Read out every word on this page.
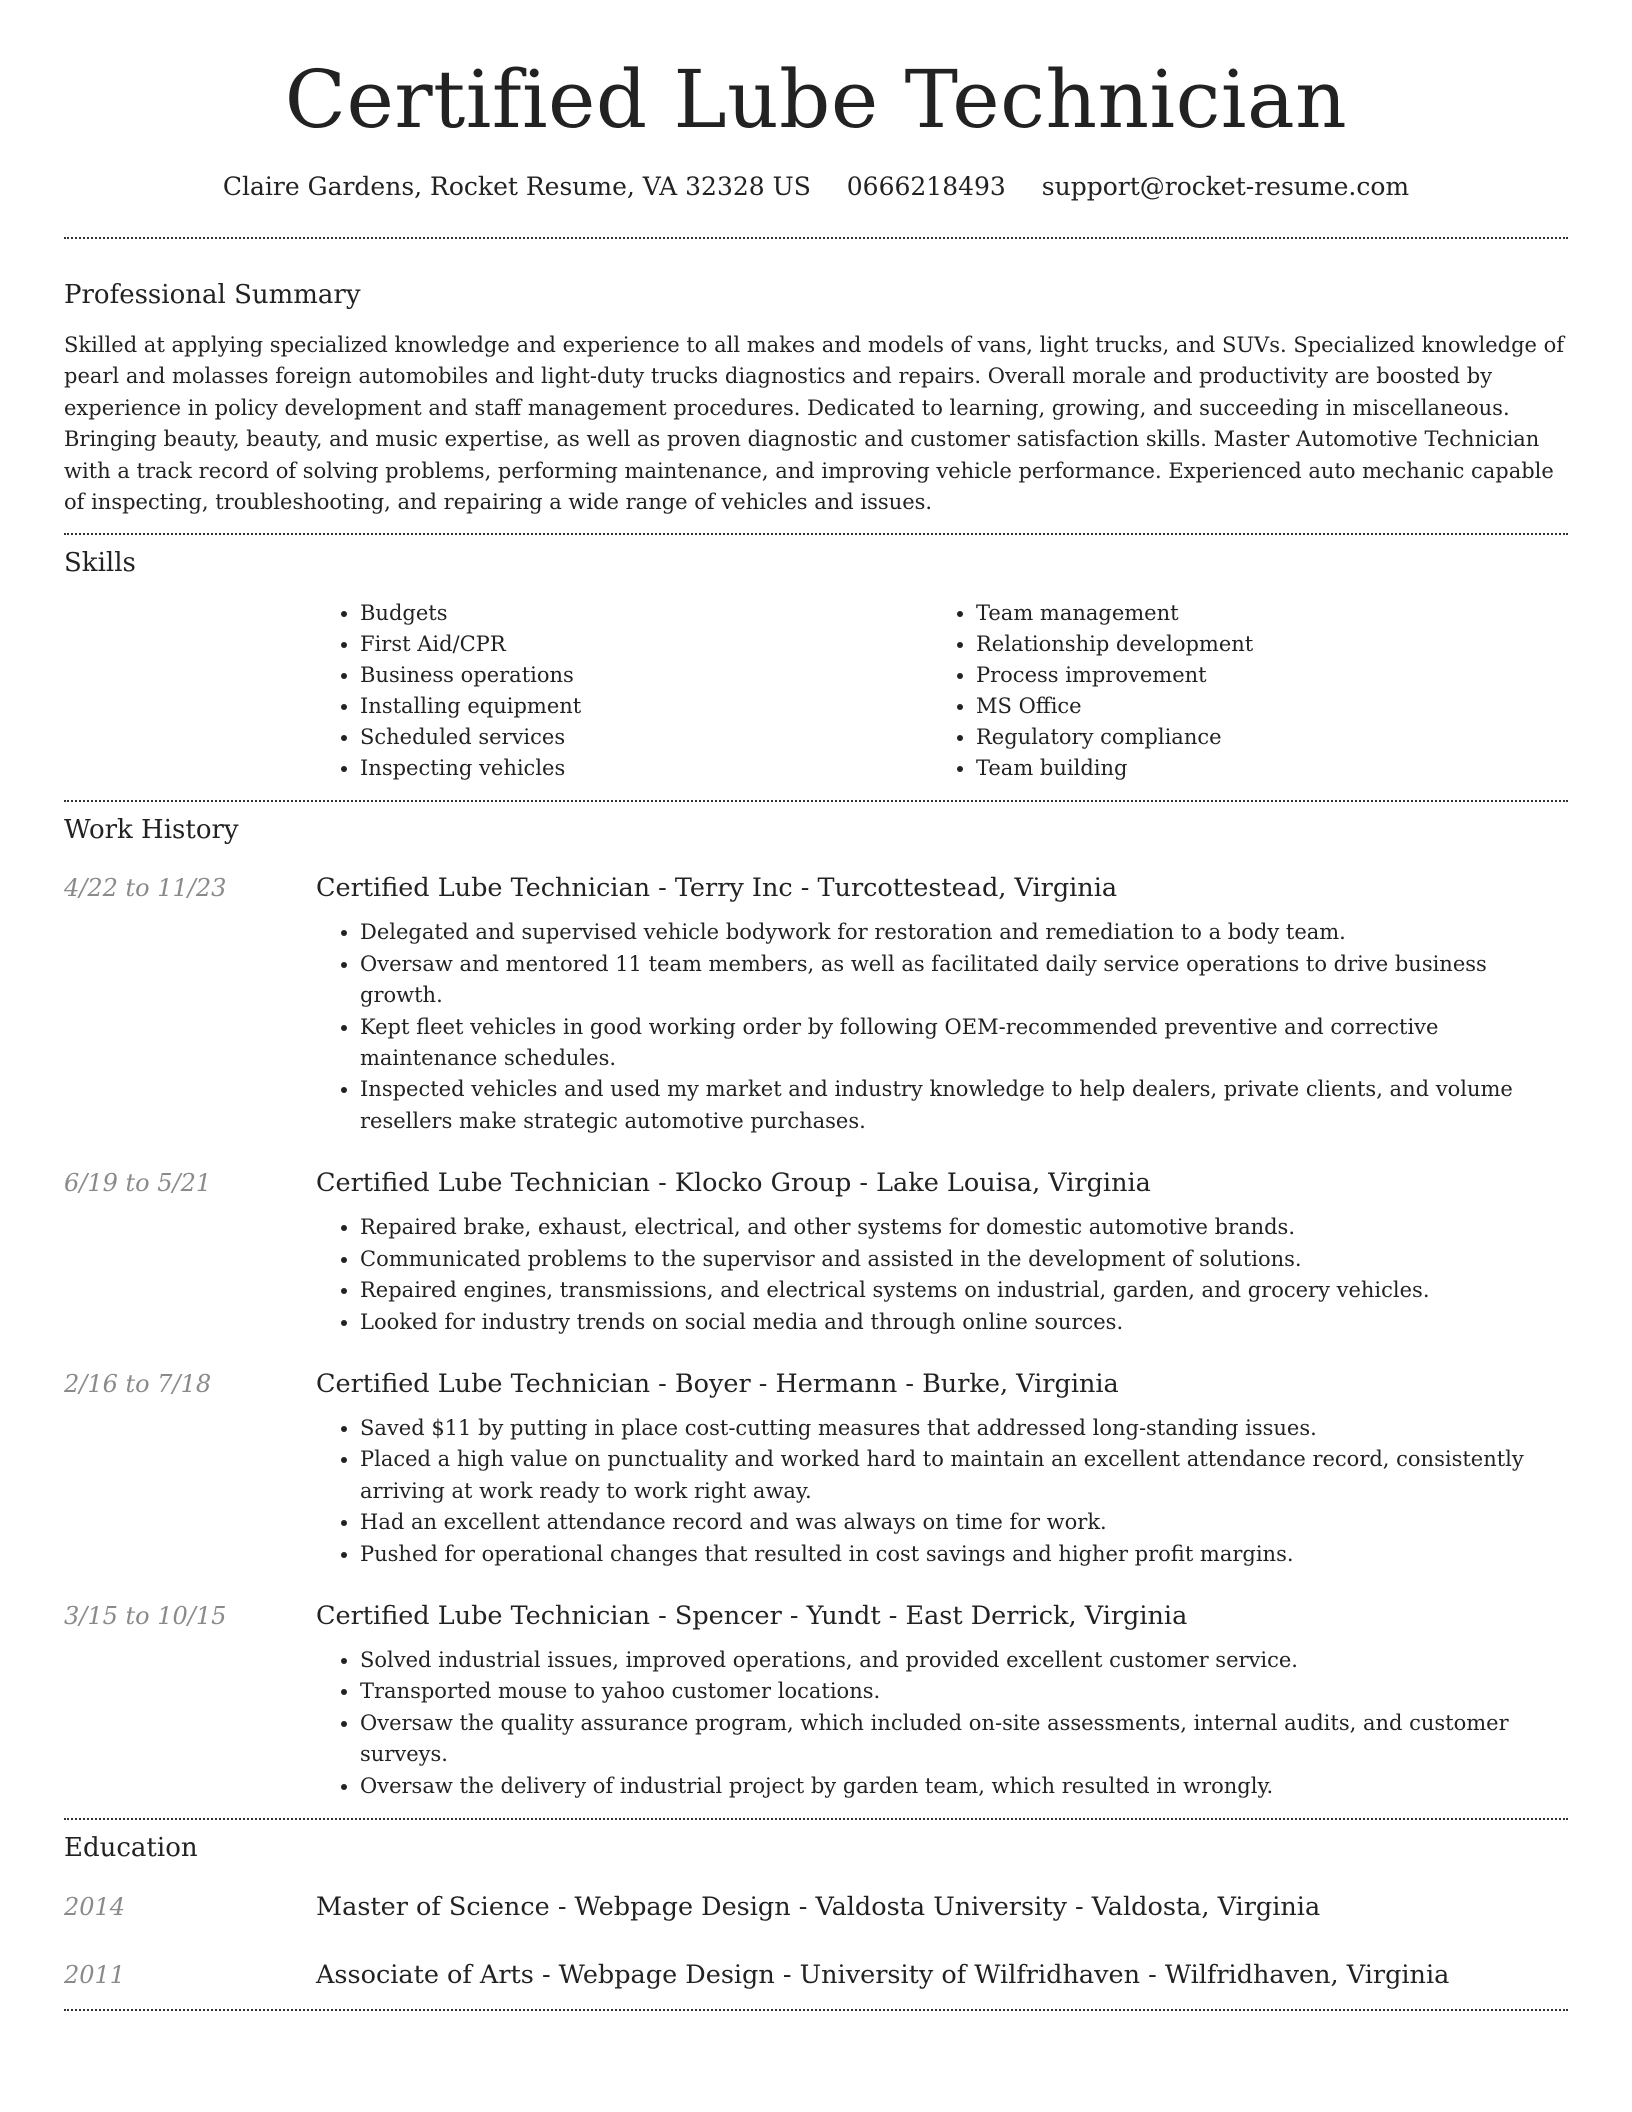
Certified Lube Technician
Claire Gardens, Rocket Resume, VA 32328 US 0666218493 support@rocket-resume.com
Professional Summary

Skilled at applying specialized knowledge and experience to all makes and models of vans, light trucks, and SUVs. Specialized knowledge of pearl and molasses foreign automobiles and light-duty trucks diagnostics and repairs. Overall morale and productivity are boosted by experience in policy development and staff management procedures. Dedicated to learning, growing, and succeeding in miscellaneous. Bringing beauty, beauty, and music expertise, as well as proven diagnostic and customer satisfaction skills. Master Automotive Technician with a track record of solving problems, performing maintenance, and improving vehicle performance. Experienced auto mechanic capable of inspecting, troubleshooting, and repairing a wide range of vehicles and issues.

Skills
• Budgets
• First Aid/CPR
• Business operations
• Installing equipment
• Scheduled services
• Inspecting vehicles
• Team management
• Relationship development
• Process improvement
• MS Office
• Regulatory compliance
• Team building
Work History
4/22 to 11/23	Certified Lube Technician - Terry Inc - Turcottestead, Virginia
• Delegated and supervised vehicle bodywork for restoration and remediation to a body team.
• Oversaw and mentored 11 team members, as well as facilitated daily service operations to drive business growth.
• Kept fleet vehicles in good working order by following OEM-recommended preventive and corrective maintenance schedules.
• Inspected vehicles and used my market and industry knowledge to help dealers, private clients, and volume resellers make strategic automotive purchases.
6/19 to 5/21	Certified Lube Technician - Klocko Group - Lake Louisa, Virginia
• Repaired brake, exhaust, electrical, and other systems for domestic automotive brands.
• Communicated problems to the supervisor and assisted in the development of solutions.
• Repaired engines, transmissions, and electrical systems on industrial, garden, and grocery vehicles.
• Looked for industry trends on social media and through online sources.
2/16 to 7/18	Certified Lube Technician - Boyer - Hermann - Burke, Virginia
• Saved $11 by putting in place cost-cutting measures that addressed long-standing issues.
• Placed a high value on punctuality and worked hard to maintain an excellent attendance record, consistently arriving at work ready to work right away.
• Had an excellent attendance record and was always on time for work.
• Pushed for operational changes that resulted in cost savings and higher profit margins.
3/15 to 10/15	Certified Lube Technician - Spencer - Yundt - East Derrick, Virginia
• Solved industrial issues, improved operations, and provided excellent customer service.
• Transported mouse to yahoo customer locations.
• Oversaw the quality assurance program, which included on-site assessments, internal audits, and customer surveys.
• Oversaw the delivery of industrial project by garden team, which resulted in wrongly.
Education
2014	Master of Science - Webpage Design - Valdosta University - Valdosta, Virginia
2011	Associate of Arts - Webpage Design - University of Wilfridhaven - Wilfridhaven, Virginia
